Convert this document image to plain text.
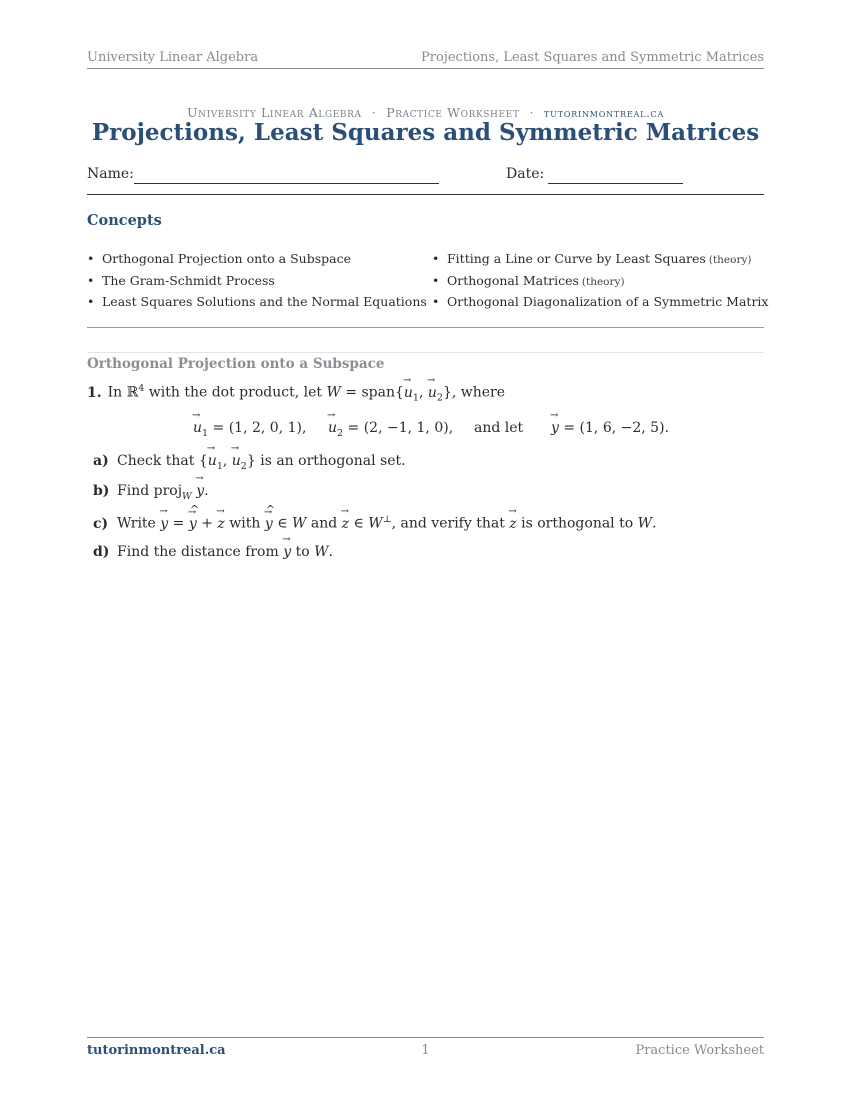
University Linear Algebra	Projections, Least Squares and Symmetric Matrices
University Linear Algebra · Practice Worksheet · tutorinmontreal.ca
Projections, Least Squares and Symmetric Matrices
Name:	Date:
Concepts
• Orthogonal Projection onto a Subspace
• The Gram-Schmidt Process
• Least Squares Solutions and the Normal Equations
• Fitting a Line or Curve by Least Squares (theory)
• Orthogonal Matrices (theory)
• Orthogonal Diagonalization of a Symmetric Matrix
Orthogonal Projection onto a Subspace
1. In ℝ$^4$ with the dot product, let W = span{→ $u_1$, → $u_2$}, where
→ $u_1 = (1$, 2, 0, 1), → $u_2 = (2$, −1, 1, 0), and let → y = (1, 6, −2, 5).
a) Check that {→ $u_1$, → $u_2$} is an orthogonal set.
b) Find proj$_W$ → y.
c) Write → y = ^ y → + → z with ^ y → ∈ W and → z ∈ W⊥, and verify that → z is orthogonal to W.
d) Find the distance from → y to W.
tutorinmontreal.ca	1	Practice Worksheet
